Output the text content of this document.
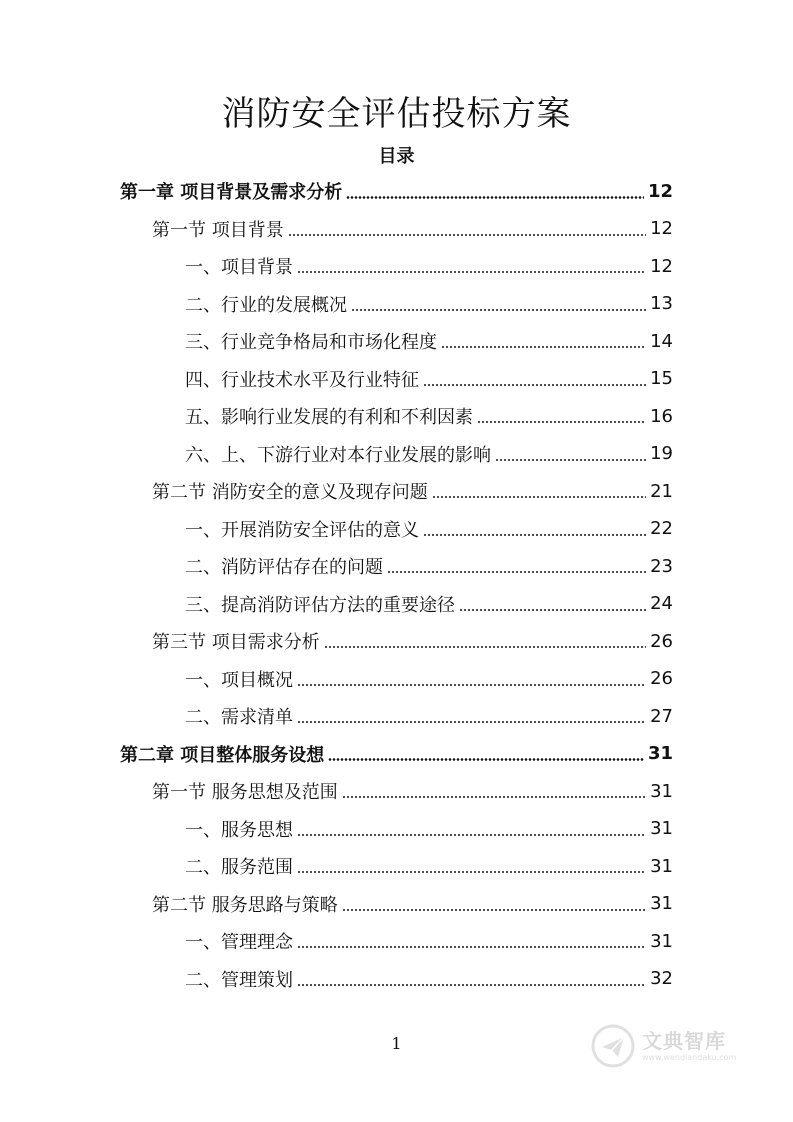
消防安全评估投标方案
目录
第一章 项目背景及需求分析	12
第一节 项目背景	12
一、项目背景	12
二、行业的发展概况	13
三、行业竞争格局和市场化程度	14
四、行业技术水平及行业特征	15
五、影响行业发展的有利和不利因素	16
六、上、下游行业对本行业发展的影响	19
第二节 消防安全的意义及现存问题	21
一、开展消防安全评估的意义	22
二、消防评估存在的问题	23
三、提高消防评估方法的重要途径	24
第三节 项目需求分析	26
一、项目概况	26
二、需求清单	27
第二章 项目整体服务设想	31
第一节 服务思想及范围	31
一、服务思想	31
二、服务范围	31
第二节 服务思路与策略	31
一、管理理念	31
二、管理策划	32
1	文典智库
www.wendiandaku.com
